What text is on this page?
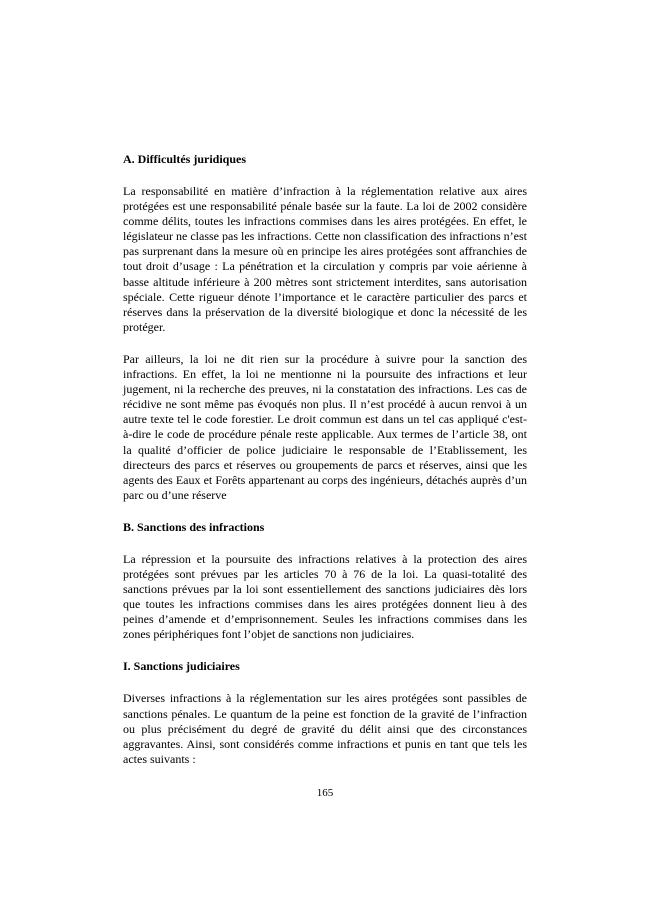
A. Difficultés juridiques

La responsabilité en matière d’infraction à la réglementation relative aux aires protégées est une responsabilité pénale basée sur la faute. La loi de 2002 considère comme délits, toutes les infractions commises dans les aires protégées. En effet, le législateur ne classe pas les infractions. Cette non classification des infractions n’est pas surprenant dans la mesure où en principe les aires protégées sont affranchies de tout droit d’usage : La pénétration et la circulation y compris par voie aérienne à basse altitude inférieure à 200 mètres sont strictement interdites, sans autorisation spéciale. Cette rigueur dénote l’importance et le caractère particulier des parcs et réserves dans la préservation de la diversité biologique et donc la nécessité de les protéger.

Par ailleurs, la loi ne dit rien sur la procédure à suivre pour la sanction des infractions. En effet, la loi ne mentionne ni la poursuite des infractions et leur jugement, ni la recherche des preuves, ni la constatation des infractions. Les cas de récidive ne sont même pas évoqués non plus. Il n’est procédé à aucun renvoi à un autre texte tel le code forestier. Le droit commun est dans un tel cas appliqué c'est-à-dire le code de procédure pénale reste applicable. Aux termes de l’article 38, ont la qualité d’officier de police judiciaire le responsable de l’Etablissement, les directeurs des parcs et réserves ou groupements de parcs et réserves, ainsi que les agents des Eaux et Forêts appartenant au corps des ingénieurs, détachés auprès d’un parc ou d’une réserve

B. Sanctions des infractions

La répression et la poursuite des infractions relatives à la protection des aires protégées sont prévues par les articles 70 à 76 de la loi. La quasi-totalité des sanctions prévues par la loi sont essentiellement des sanctions judiciaires dès lors que toutes les infractions commises dans les aires protégées donnent lieu à des peines d’amende et d’emprisonnement. Seules les infractions commises dans les zones périphériques font l’objet de sanctions non judiciaires.

I. Sanctions judiciaires

Diverses infractions à la réglementation sur les aires protégées sont passibles de sanctions pénales. Le quantum de la peine est fonction de la gravité de l’infraction ou plus précisément du degré de gravité du délit ainsi que des circonstances aggravantes. Ainsi, sont considérés comme infractions et punis en tant que tels les actes suivants :

165
